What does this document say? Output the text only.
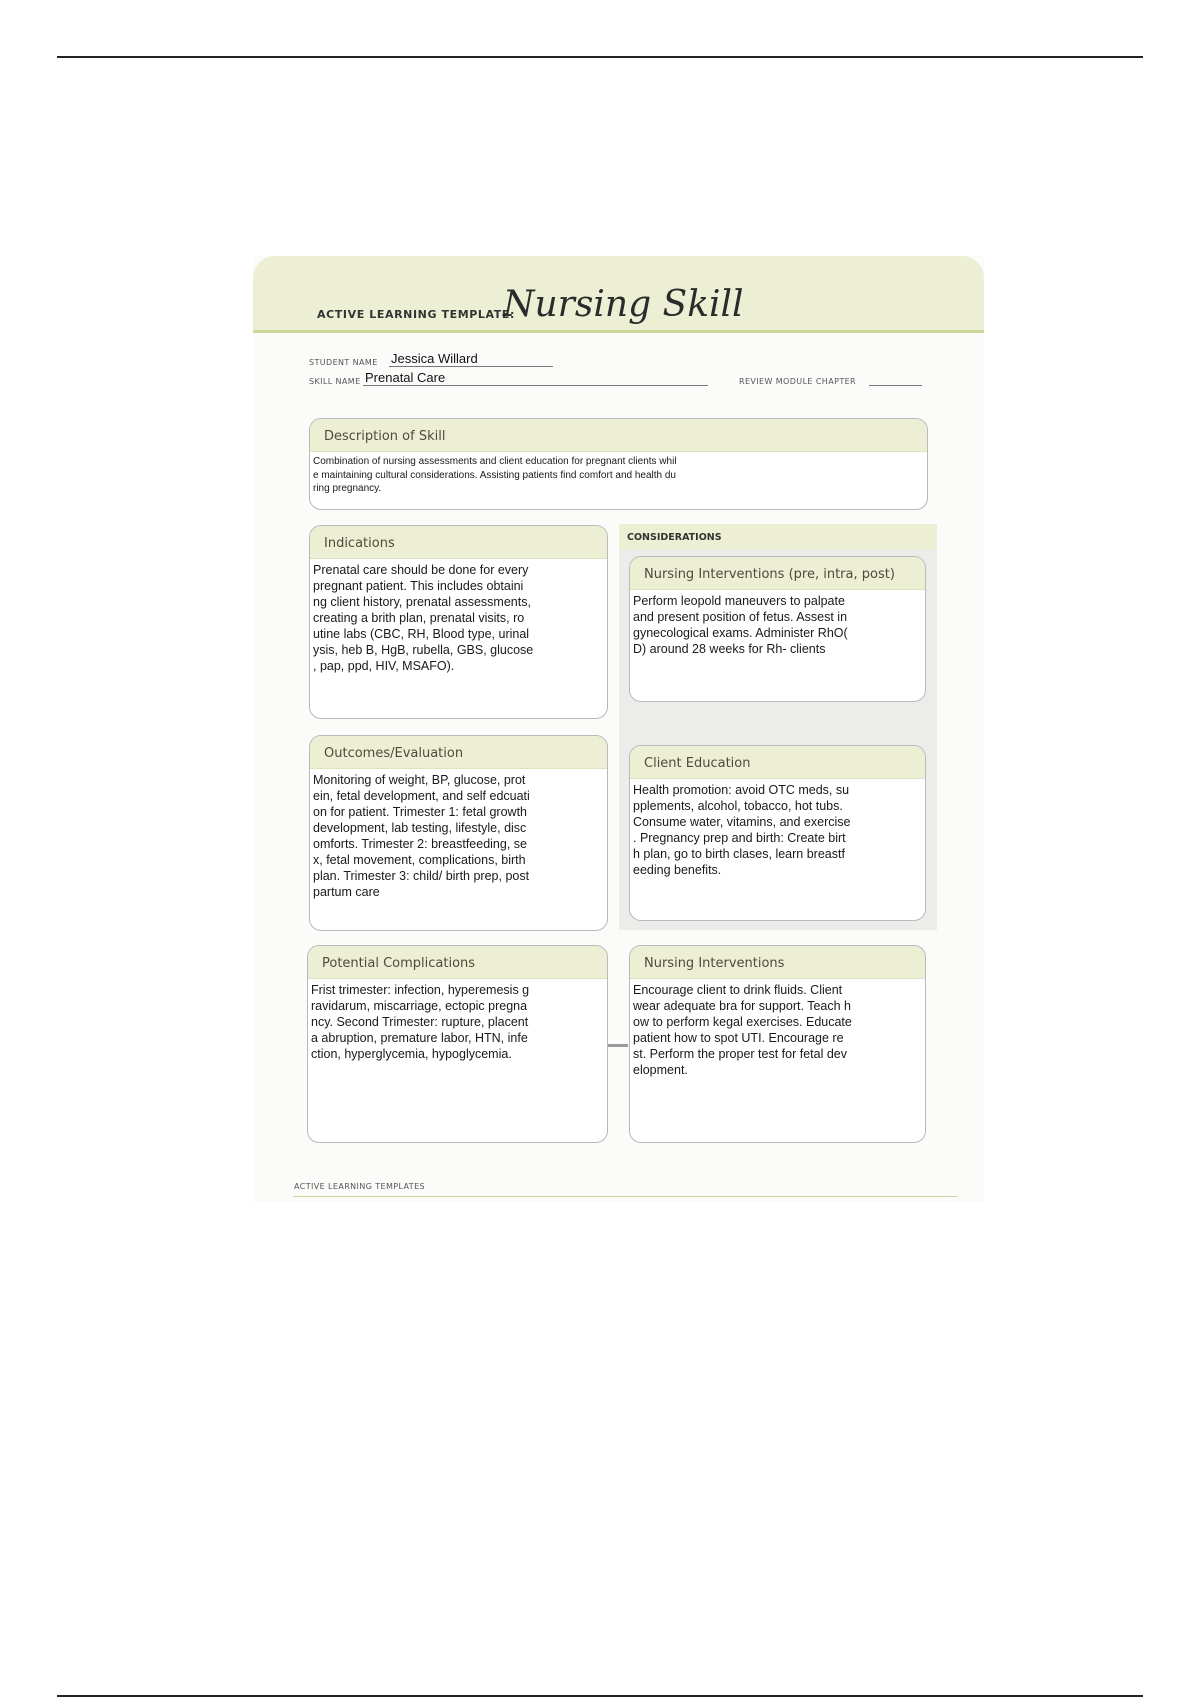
ACTIVE LEARNING TEMPLATE:
Nursing Skill
STUDENT NAME Jessica Willard
SKILL NAME Prenatal Care	REVIEW MODULE CHAPTER
Description of Skill
Combination of nursing assessments and client education for pregnant clients whil
e maintaining cultural considerations. Assisting patients find comfort and health du
ring pregnancy.
Indications
Prenatal care should be done for every
pregnant patient. This includes obtaini
ng client history, prenatal assessments,
creating a brith plan, prenatal visits, ro
utine labs (CBC, RH, Blood type, urinal
ysis, heb B, HgB, rubella, GBS, glucose
, pap, ppd, HIV, MSAFO).
CONSIDERATIONS
Nursing Interventions (pre, intra, post)
Perform leopold maneuvers to palpate
and present position of fetus. Assest in
gynecological exams. Administer RhO(
D) around 28 weeks for Rh- clients
Client Education
Health promotion: avoid OTC meds, su
pplements, alcohol, tobacco, hot tubs.
Consume water, vitamins, and exercise
. Pregnancy prep and birth: Create birt
h plan, go to birth clases, learn breastf
eeding benefits.
Outcomes/Evaluation
Monitoring of weight, BP, glucose, prot
ein, fetal development, and self edcuati
on for patient. Trimester 1: fetal growth
development, lab testing, lifestyle, disc
omforts. Trimester 2: breastfeeding, se
x, fetal movement, complications, birth
plan. Trimester 3: child/ birth prep, post
partum care
Potential Complications
Frist trimester: infection, hyperemesis g
ravidarum, miscarriage, ectopic pregna
ncy. Second Trimester: rupture, placent
a abruption, premature labor, HTN, infe
ction, hyperglycemia, hypoglycemia.
Nursing Interventions
Encourage client to drink fluids. Client
wear adequate bra for support. Teach h
ow to perform kegal exercises. Educate
patient how to spot UTI. Encourage re
st. Perform the proper test for fetal dev
elopment.
ACTIVE LEARNING TEMPLATES
